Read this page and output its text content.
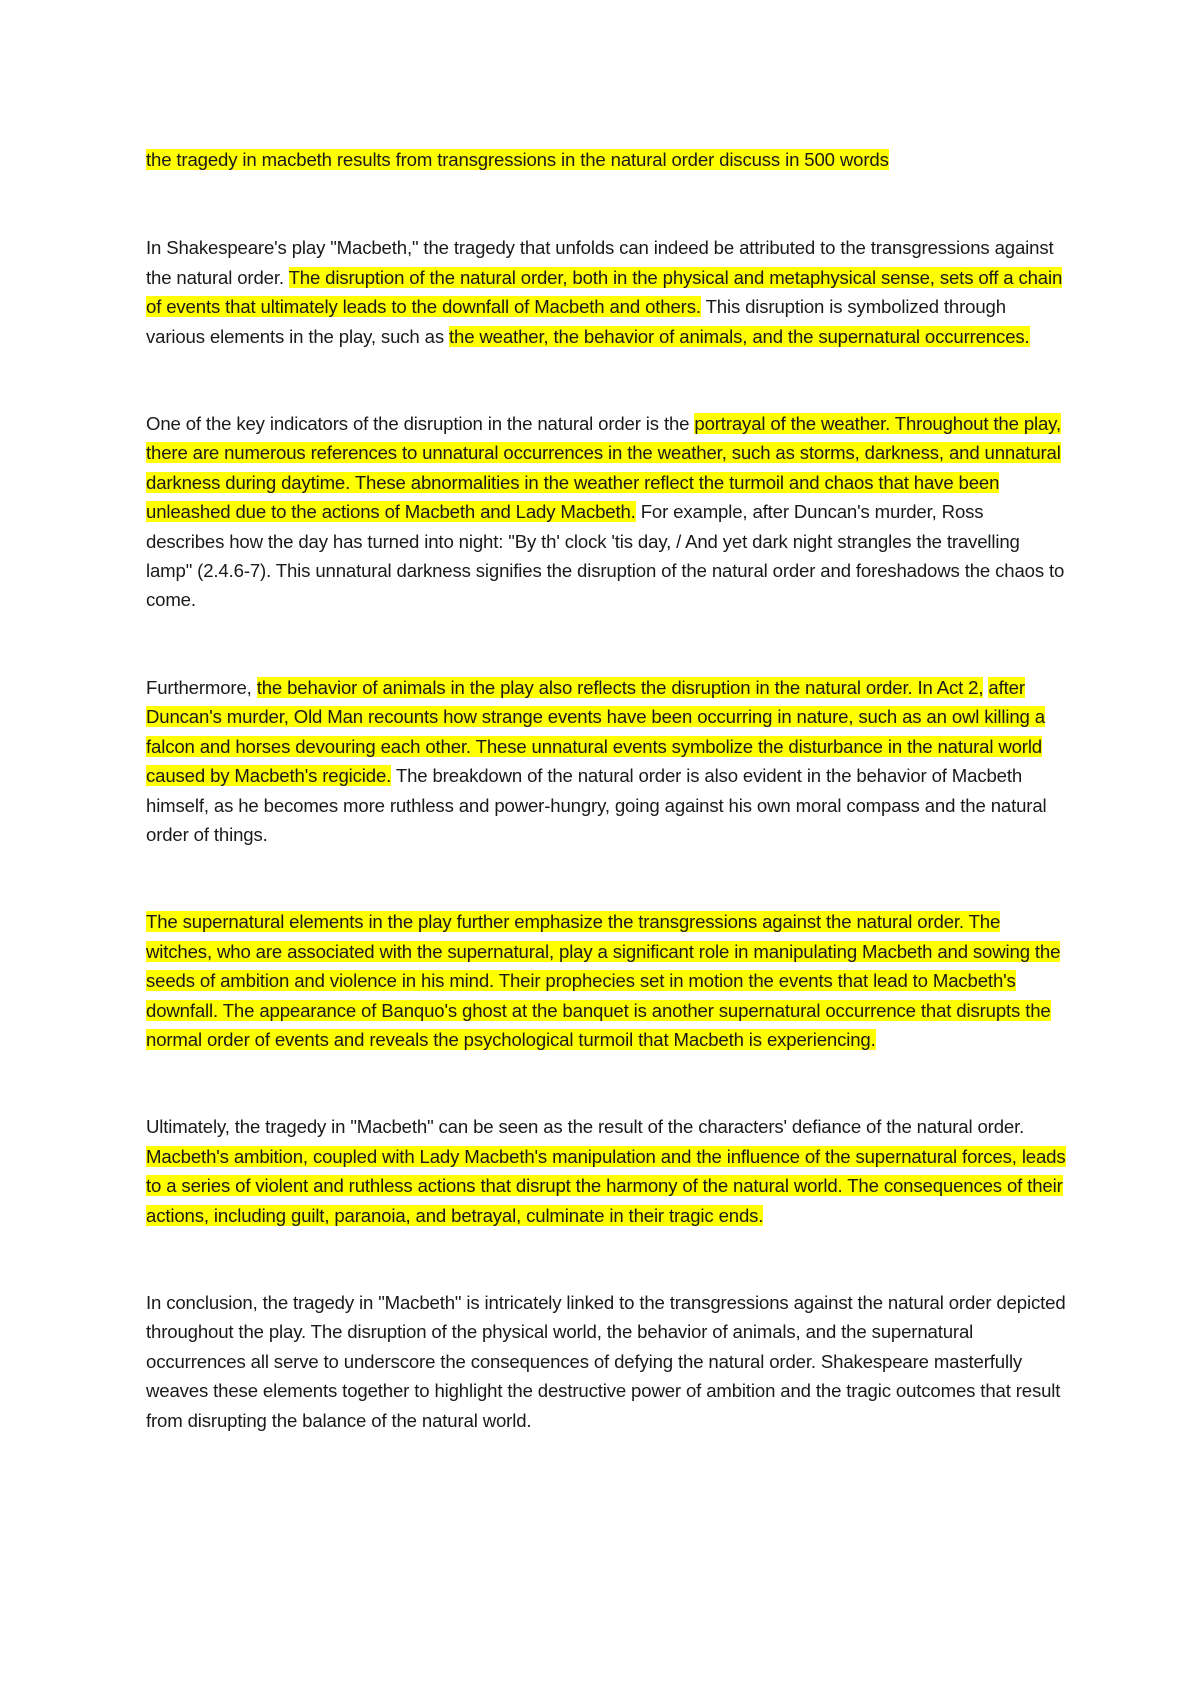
the tragedy in macbeth results from transgressions in the natural order discuss in 500 words

In Shakespeare's play "Macbeth," the tragedy that unfolds can indeed be attributed to the transgressions against the natural order. The disruption of the natural order, both in the physical and metaphysical sense, sets off a chain of events that ultimately leads to the downfall of Macbeth and others. This disruption is symbolized through various elements in the play, such as the weather, the behavior of animals, and the supernatural occurrences.

One of the key indicators of the disruption in the natural order is the portrayal of the weather. Throughout the play, there are numerous references to unnatural occurrences in the weather, such as storms, darkness, and unnatural darkness during daytime. These abnormalities in the weather reflect the turmoil and chaos that have been unleashed due to the actions of Macbeth and Lady Macbeth. For example, after Duncan's murder, Ross describes how the day has turned into night: "By th' clock 'tis day, / And yet dark night strangles the travelling lamp" (2.4.6-7). This unnatural darkness signifies the disruption of the natural order and foreshadows the chaos to come.

Furthermore, the behavior of animals in the play also reflects the disruption in the natural order. In Act 2, after Duncan's murder, Old Man recounts how strange events have been occurring in nature, such as an owl killing a falcon and horses devouring each other. These unnatural events symbolize the disturbance in the natural world caused by Macbeth's regicide. The breakdown of the natural order is also evident in the behavior of Macbeth himself, as he becomes more ruthless and power-hungry, going against his own moral compass and the natural order of things.

The supernatural elements in the play further emphasize the transgressions against the natural order. The witches, who are associated with the supernatural, play a significant role in manipulating Macbeth and sowing the seeds of ambition and violence in his mind. Their prophecies set in motion the events that lead to Macbeth's downfall. The appearance of Banquo's ghost at the banquet is another supernatural occurrence that disrupts the normal order of events and reveals the psychological turmoil that Macbeth is experiencing.

Ultimately, the tragedy in "Macbeth" can be seen as the result of the characters' defiance of the natural order. Macbeth's ambition, coupled with Lady Macbeth's manipulation and the influence of the supernatural forces, leads to a series of violent and ruthless actions that disrupt the harmony of the natural world. The consequences of their actions, including guilt, paranoia, and betrayal, culminate in their tragic ends.

In conclusion, the tragedy in "Macbeth" is intricately linked to the transgressions against the natural order depicted throughout the play. The disruption of the physical world, the behavior of animals, and the supernatural occurrences all serve to underscore the consequences of defying the natural order. Shakespeare masterfully weaves these elements together to highlight the destructive power of ambition and the tragic outcomes that result from disrupting the balance of the natural world.
